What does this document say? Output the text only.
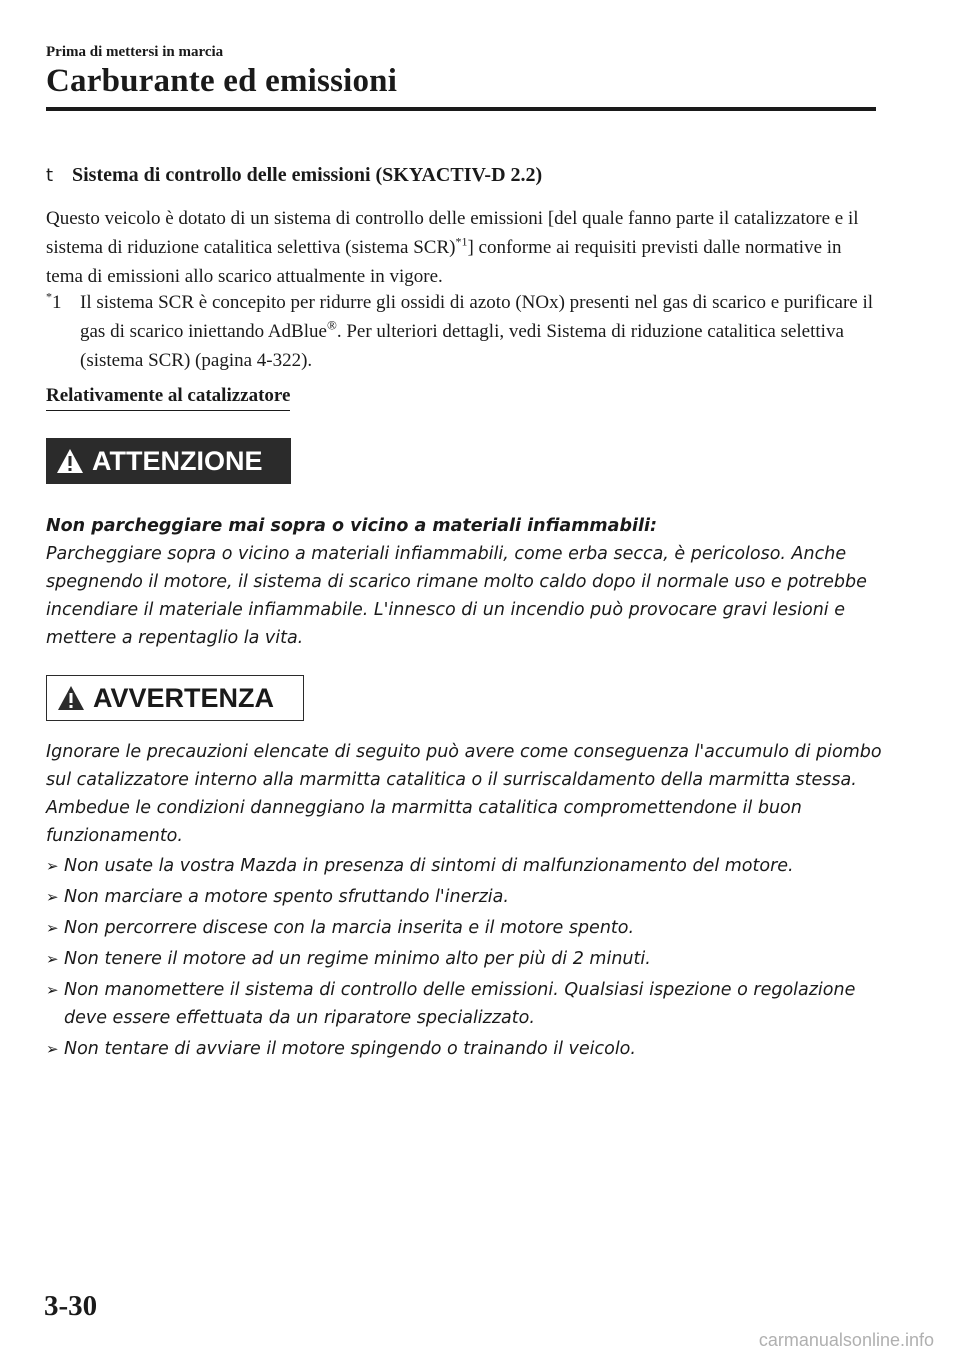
Prima di mettersi in marcia
Carburante ed emissioni
t Sistema di controllo delle emissioni (SKYACTIV-D 2.2)
Questo veicolo è dotato di un sistema di controllo delle emissioni [del quale fanno parte il catalizzatore e il sistema di riduzione catalitica selettiva (sistema SCR)$^{*1}$] conforme ai requisiti previsti dalle normative in tema di emissioni allo scarico attualmente in vigore.
*1 Il sistema SCR è concepito per ridurre gli ossidi di azoto (NOx) presenti nel gas di scarico e purificare il gas di scarico iniettando AdBlue®. Per ulteriori dettagli, vedi Sistema di riduzione catalitica selettiva (sistema SCR) (pagina 4-322).
Relativamente al catalizzatore
ATTENZIONE
Non parcheggiare mai sopra o vicino a materiali infiammabili:
Parcheggiare sopra o vicino a materiali infiammabili, come erba secca, è pericoloso. Anche spegnendo il motore, il sistema di scarico rimane molto caldo dopo il normale uso e potrebbe incendiare il materiale infiammabile. L'innesco di un incendio può provocare gravi lesioni e mettere a repentaglio la vita.
AVVERTENZA
Ignorare le precauzioni elencate di seguito può avere come conseguenza l'accumulo di piombo sul catalizzatore interno alla marmitta catalitica o il surriscaldamento della marmitta stessa. Ambedue le condizioni danneggiano la marmitta catalitica compromettendone il buon funzionamento.
➢ Non usate la vostra Mazda in presenza di sintomi di malfunzionamento del motore.
➢ Non marciare a motore spento sfruttando l'inerzia.
➢ Non percorrere discese con la marcia inserita e il motore spento.
➢ Non tenere il motore ad un regime minimo alto per più di 2 minuti.
➢ Non manomettere il sistema di controllo delle emissioni. Qualsiasi ispezione o regolazione deve essere effettuata da un riparatore specializzato.
➢ Non tentare di avviare il motore spingendo o trainando il veicolo.
3-30
carmanualsonline.info
